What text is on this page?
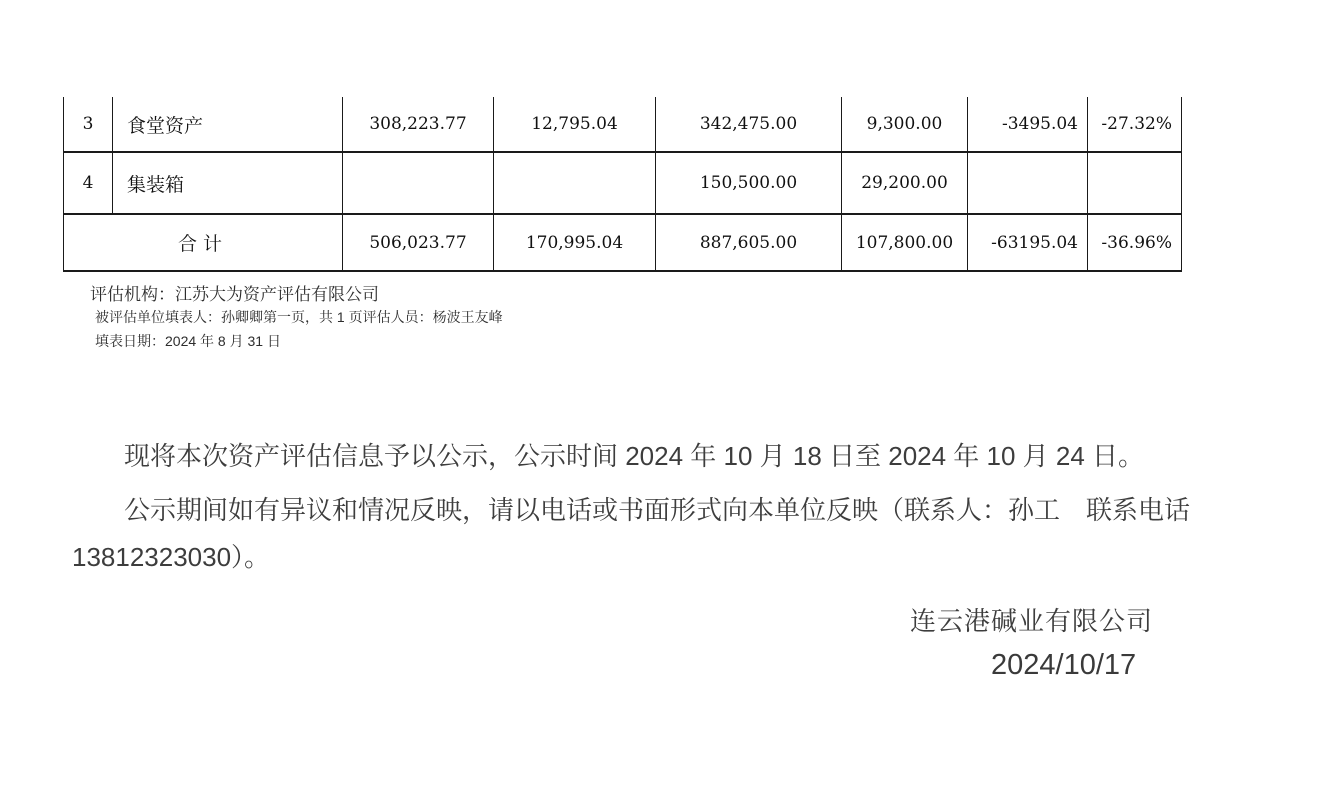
3	食堂资产	308,223.77	12,795.04	342,475.00	9,300.00	-3495.04	-27.32%
4	集装箱			150,500.00	29,200.00		
合计		506,023.77	170,995.04	887,605.00	107,800.00	-63195.04	-36.96%
评估机构：江苏大为资产评估有限公司
被评估单位填表人：孙卿卿第一页，共 1 页评估人员：杨波王友峰
填表日期：2024 年 8 月 31 日
现将本次资产评估信息予以公示，公示时间 2024 年 10 月 18 日至 2024 年 10 月 24 日。
公示期间如有异议和情况反映，请以电话或书面形式向本单位反映（联系人：孙工　联系电话
13812323030）。
连云港碱业有限公司
2024/10/17
